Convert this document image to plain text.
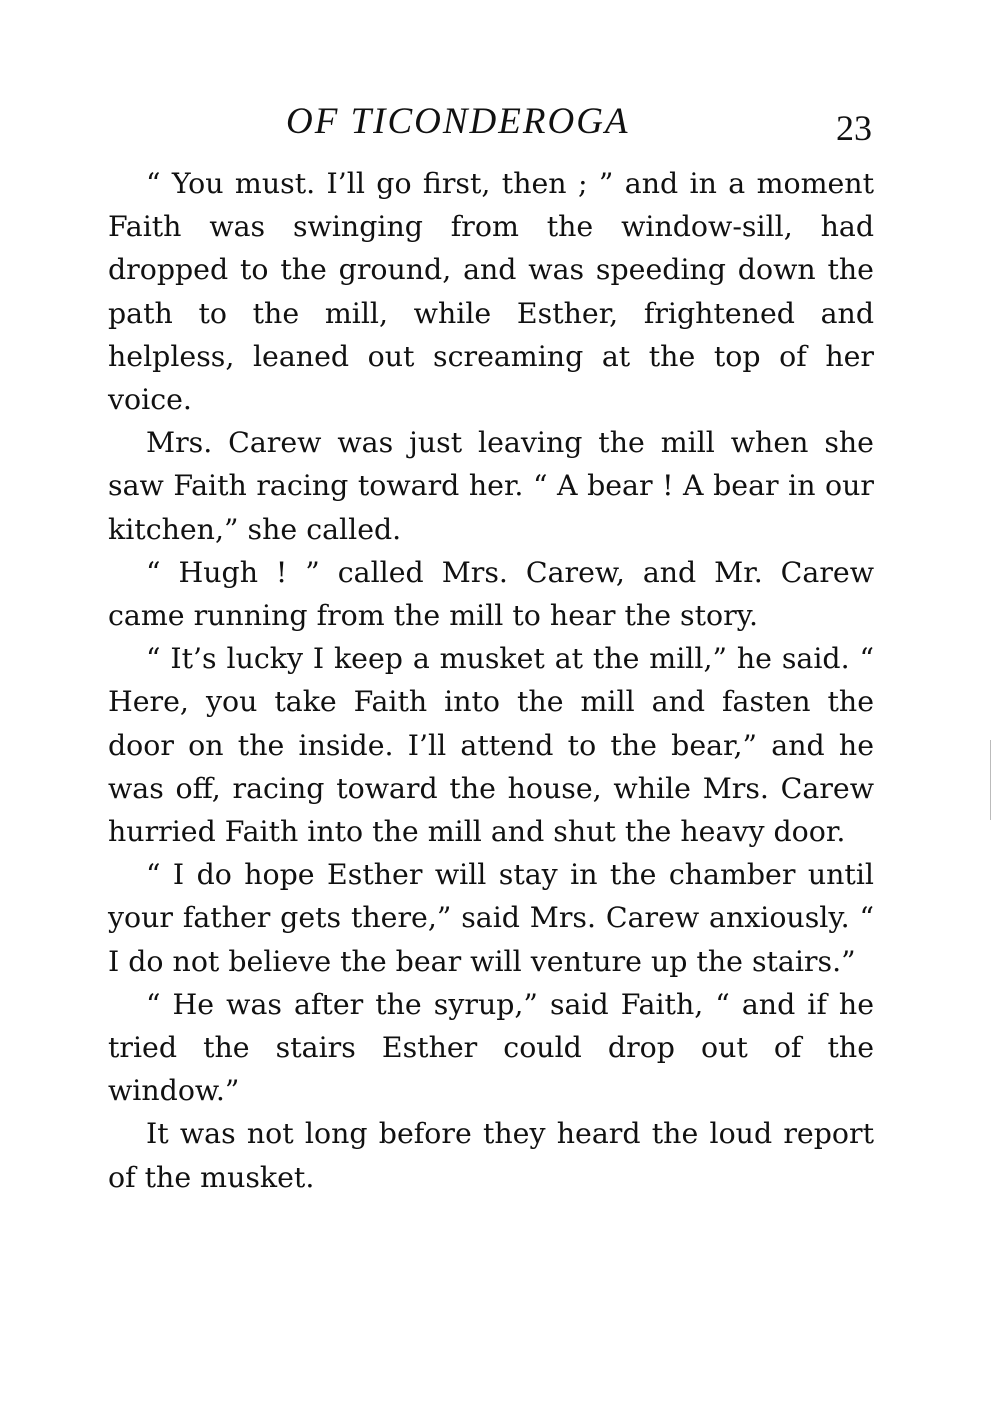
OF TICONDEROGA	23

“ You must. I’ll go first, then ; ” and in a moment Faith was swinging from the window-sill, had dropped to the ground, and was speeding down the path to the mill, while Esther, frightened and helpless, leaned out screaming at the top of her voice.

Mrs. Carew was just leaving the mill when she saw Faith racing toward her. “ A bear ! A bear in our kitchen,” she called.

“ Hugh ! ” called Mrs. Carew, and Mr. Carew came running from the mill to hear the story.

“ It’s lucky I keep a musket at the mill,” he said. “ Here, you take Faith into the mill and fasten the door on the inside. I’ll attend to the bear,” and he was off, racing toward the house, while Mrs. Carew hurried Faith into the mill and shut the heavy door.

“ I do hope Esther will stay in the chamber until your father gets there,” said Mrs. Carew anxiously. “ I do not believe the bear will venture up the stairs.”

“ He was after the syrup,” said Faith, “ and if he tried the stairs Esther could drop out of the window.”

It was not long before they heard the loud report of the musket.
